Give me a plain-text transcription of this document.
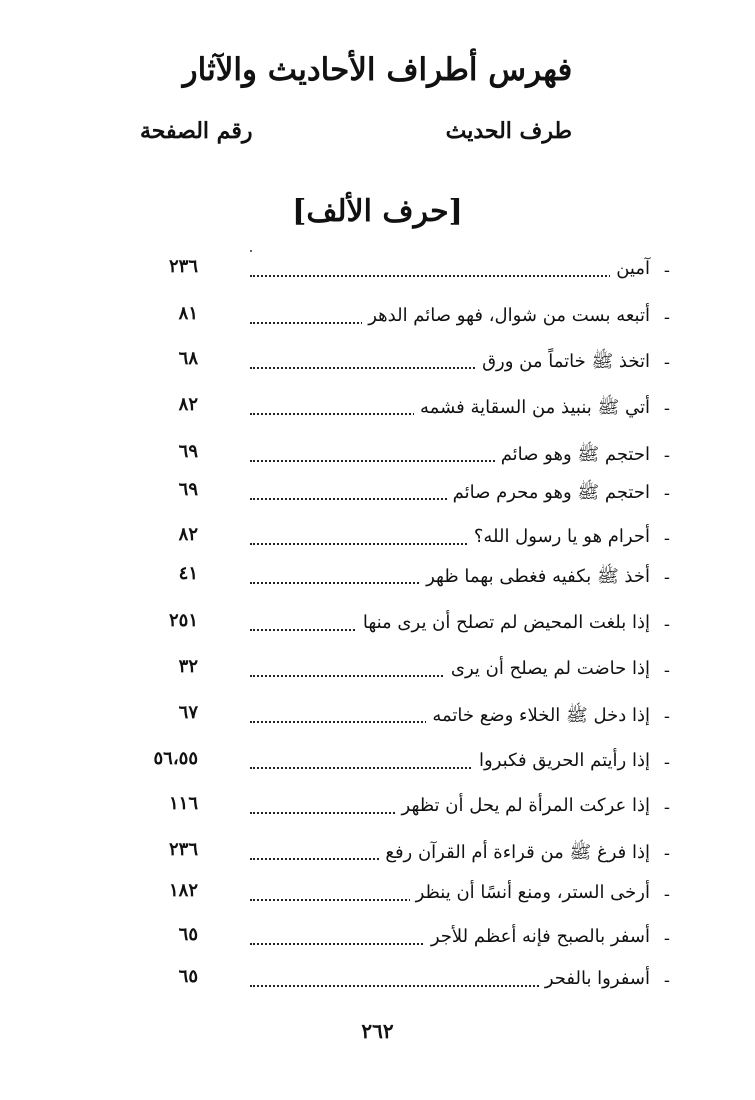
فهرس أطراف الأحاديث والآثار
طرف الحديث
رقم الصفحة
[حرف الألف]
-
آمين
٢٣٦
-
أتبعه بست من شوال، فهو صائم الدهر
٨١
-
اتخذ ﷺ خاتماً من ورق
٦٨
-
أتي ﷺ بنبيذ من السقاية فشمه
٨٢
-
احتجم ﷺ وهو صائم
٦٩
-
احتجم ﷺ وهو محرم صائم
٦٩
-
أحرام هو يا رسول الله؟
٨٢
-
أخذ ﷺ بكفيه فغطى بهما ظهر
٤١
-
إذا بلغت المحيض لم تصلح أن يرى منها
٢٥١
-
إذا حاضت لم يصلح أن يرى
٣٢
-
إذا دخل ﷺ الخلاء وضع خاتمه
٦٧
-
إذا رأيتم الحريق فكبروا
٥٦،٥٥
-
إذا عركت المرأة لم يحل أن تظهر
١١٦
-
إذا فرغ ﷺ من قراءة أم القرآن رفع
٢٣٦
-
أرخى الستر، ومنع أنسًا أن ينظر
١٨٢
-
أسفر بالصبح فإنه أعظم للأجر
٦٥
-
أسفروا بالفحر
٦٥
٢٦٢
